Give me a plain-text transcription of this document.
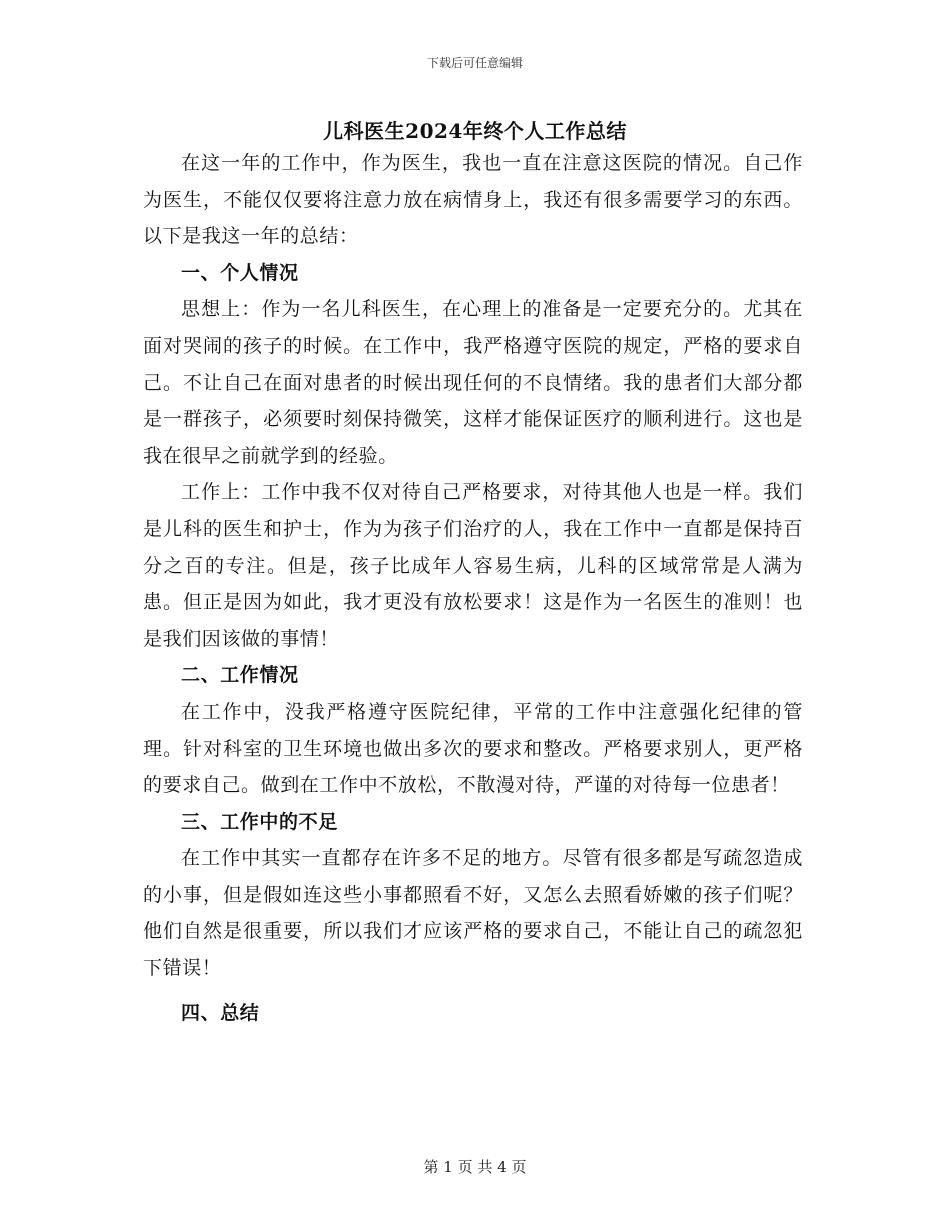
下载后可任意编辑
儿科医生2024年终个人工作总结

在这一年的工作中，作为医生，我也一直在注意这医院的情况。自己作为医生，不能仅仅要将注意力放在病情身上，我还有很多需要学习的东西。以下是我这一年的总结：

一、个人情况

思想上：作为一名儿科医生，在心理上的准备是一定要充分的。尤其在面对哭闹的孩子的时候。在工作中，我严格遵守医院的规定，严格的要求自己。不让自己在面对患者的时候出现任何的不良情绪。我的患者们大部分都是一群孩子，必须要时刻保持微笑，这样才能保证医疗的顺利进行。这也是我在很早之前就学到的经验。

工作上：工作中我不仅对待自己严格要求，对待其他人也是一样。我们是儿科的医生和护士，作为为孩子们治疗的人，我在工作中一直都是保持百分之百的专注。但是，孩子比成年人容易生病，儿科的区域常常是人满为患。但正是因为如此，我才更没有放松要求！这是作为一名医生的准则！也是我们因该做的事情！

二、工作情况

在工作中，没我严格遵守医院纪律，平常的工作中注意强化纪律的管理。针对科室的卫生环境也做出多次的要求和整改。严格要求别人，更严格的要求自己。做到在工作中不放松，不散漫对待，严谨的对待每一位患者！

三、工作中的不足

在工作中其实一直都存在许多不足的地方。尽管有很多都是写疏忽造成的小事，但是假如连这些小事都照看不好，又怎么去照看娇嫩的孩子们呢？他们自然是很重要，所以我们才应该严格的要求自己，不能让自己的疏忽犯下错误！

四、总结
第 1 页 共 4 页
